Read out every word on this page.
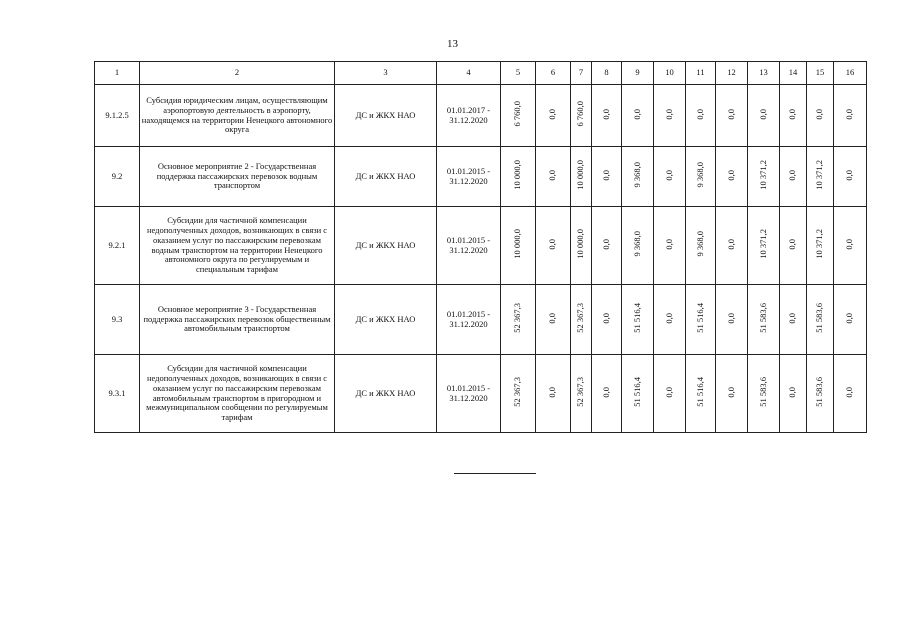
13
1	2	3	4	5	6	7	8	9	10	11	12	13	14	15	16
9.1.2.5	Субсидия юридическим лицам, осуществляющим аэропортовую деятельность в аэропорту, находящемся на территории Ненецкого автономного округа	ДС и ЖКХ НАО	01.01.2017 - 31.12.2020	6 760,0	0,0	6 760,0	0,0	0,0	0,0	0,0	0,0	0,0	0,0	0,0	0,0
9.2	Основное мероприятие 2 - Государственная поддержка пассажирских перевозок водным транспортом	ДС и ЖКХ НАО	01.01.2015 - 31.12.2020	10 000,0	0,0	10 000,0	0,0	9 368,0	0,0	9 368,0	0,0	10 371,2	0,0	10 371,2	0,0
9.2.1	Субсидии для частичной компенсации недополученных доходов, возникающих в связи с оказанием услуг по пассажирским перевозкам водным транспортом на территории Ненецкого автономного округа по регулируемым и специальным тарифам	ДС и ЖКХ НАО	01.01.2015 - 31.12.2020	10 000,0	0,0	10 000,0	0,0	9 368,0	0,0	9 368,0	0,0	10 371,2	0,0	10 371,2	0,0
9.3	Основное мероприятие 3 - Государственная поддержка пассажирских перевозок общественным автомобильным транспортом	ДС и ЖКХ НАО	01.01.2015 - 31.12.2020	52 367,3	0,0	52 367,3	0,0	51 516,4	0,0	51 516,4	0,0	51 583,6	0,0	51 583,6	0,0
9.3.1	Субсидии для частичной компенсации недополученных доходов, возникающих в связи с оказанием услуг по пассажирским перевозкам автомобильным транспортом в пригородном и межмуниципальном сообщении по регулируемым тарифам	ДС и ЖКХ НАО	01.01.2015 - 31.12.2020	52 367,3	0,0	52 367,3	0,0	51 516,4	0,0	51 516,4	0,0	51 583,6	0,0	51 583,6	0,0
